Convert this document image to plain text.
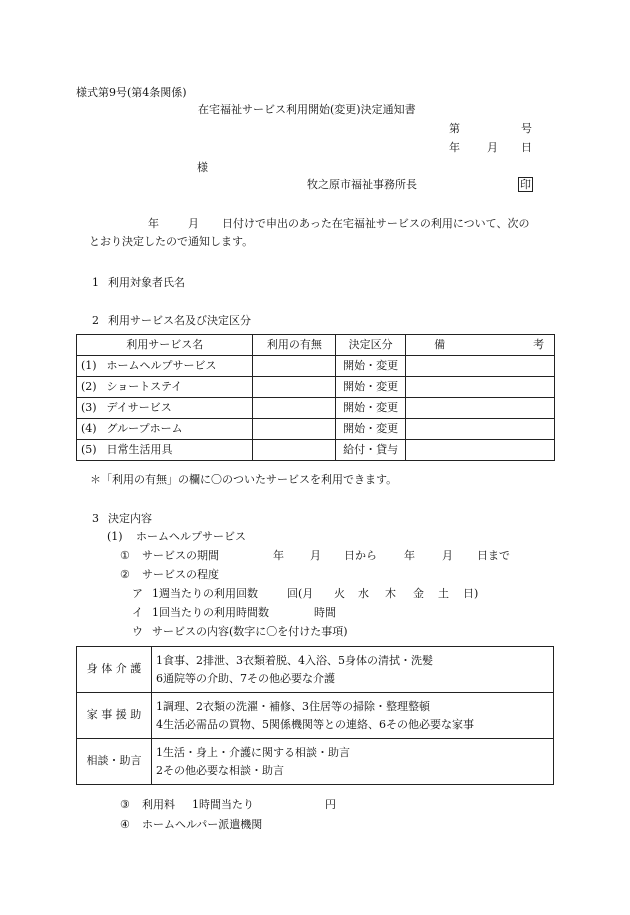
様式第9号(第4条関係)
在宅福祉サービス利用開始(変更)決定通知書
第	号
年 月 日
様
牧之原市福祉事務所長	印
年	月 日付けで申出のあった在宅福祉サービスの利用について、次の
とおり決定したので通知します。
1 利用対象者氏名
2 利用サービス名及び決定区分
利用サービス名	利用の有無	決定区分	備 考
(1) ホームヘルプサービス		開始・変更	
(2) ショートステイ		開始・変更	
(3) デイサービス		開始・変更	
(4) グループホーム		開始・変更	
(5) 日常生活用具		給付・貸与	
＊「利用の有無」の欄に〇のついたサービスを利用できます。
3 決定内容
(1) ホームヘルプサービス
① サービスの期間	年 月 日から 年 月 日まで
② サービスの程度
ア 1週当たりの利用回数	回(月 火 水 木 金 土 日)
イ 1回当たりの利用時間数	時間
ウ サービスの内容(数字に〇を付けた事項)
身 体 介 護	1食事、2排泄、3衣類着脱、4入浴、5身体の清拭・洗髪
6通院等の介助、7その他必要な介護

家 事 援 助	1調理、2衣類の洗濯・補修、3住居等の掃除・整理整頓
4生活必需品の買物、5関係機関等との連絡、6その他必要な家事

相談・助言	1生活・身上・介護に関する相談・助言
2その他必要な相談・助言
③ 利用料 1時間当たり	円
④ ホームヘルパー派遣機関
